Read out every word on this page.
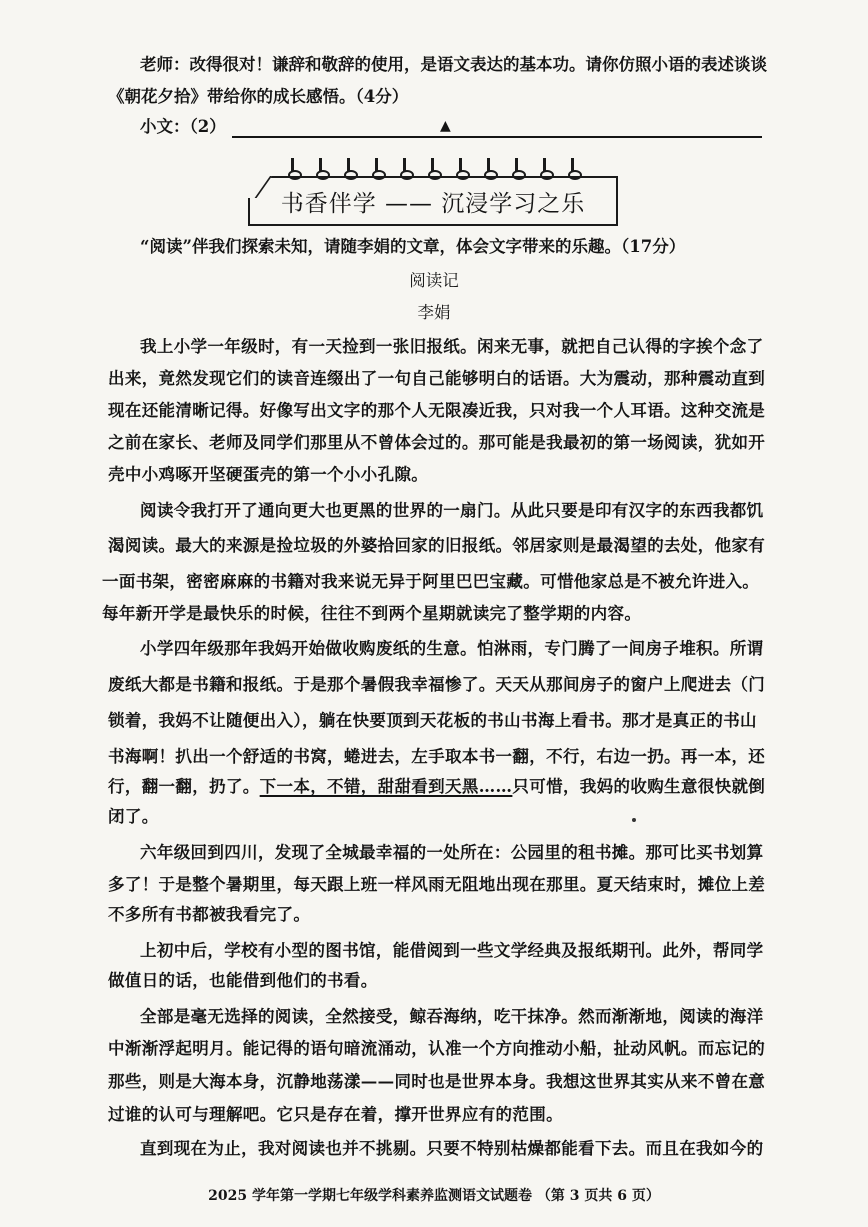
老师：改得很对！谦辞和敬辞的使用，是语文表达的基本功。请你仿照小语的表述谈谈
《朝花夕拾》带给你的成长感悟。（4分）
小文：（2）	▲
书香伴学 —— 沉浸学习之乐
“阅读”伴我们探索未知，请随李娟的文章，体会文字带来的乐趣。（17分）
阅读记
李娟
我上小学一年级时，有一天捡到一张旧报纸。闲来无事，就把自己认得的字挨个念了
出来，竟然发现它们的读音连缀出了一句自己能够明白的话语。大为震动，那种震动直到
现在还能清晰记得。好像写出文字的那个人无限凑近我，只对我一个人耳语。这种交流是
之前在家长、老师及同学们那里从不曾体会过的。那可能是我最初的第一场阅读，犹如开
壳中小鸡啄开坚硬蛋壳的第一个小小孔隙。
阅读令我打开了通向更大也更黑的世界的一扇门。从此只要是印有汉字的东西我都饥
渴阅读。最大的来源是捡垃圾的外婆拾回家的旧报纸。邻居家则是最渴望的去处，他家有
一面书架，密密麻麻的书籍对我来说无异于阿里巴巴宝藏。可惜他家总是不被允许进入。
每年新开学是最快乐的时候，往往不到两个星期就读完了整学期的内容。
小学四年级那年我妈开始做收购废纸的生意。怕淋雨，专门腾了一间房子堆积。所谓
废纸大都是书籍和报纸。于是那个暑假我幸福惨了。天天从那间房子的窗户上爬进去（门
锁着，我妈不让随便出入），躺在快要顶到天花板的书山书海上看书。那才是真正的书山
书海啊！扒出一个舒适的书窝，蜷进去，左手取本书一翻，不行，右边一扔。再一本，还
行，翻一翻，扔了。下一本，不错，甜甜看到天黑……只可惜，我妈的收购生意很快就倒
闭了。
六年级回到四川，发现了全城最幸福的一处所在：公园里的租书摊。那可比买书划算
多了！于是整个暑期里，每天跟上班一样风雨无阻地出现在那里。夏天结束时，摊位上差
不多所有书都被我看完了。
上初中后，学校有小型的图书馆，能借阅到一些文学经典及报纸期刊。此外，帮同学
做值日的话，也能借到他们的书看。
全部是毫无选择的阅读，全然接受，鲸吞海纳，吃干抹净。然而渐渐地，阅读的海洋
中渐渐浮起明月。能记得的语句暗流涌动，认准一个方向推动小船，扯动风帆。而忘记的
那些，则是大海本身，沉静地荡漾——同时也是世界本身。我想这世界其实从来不曾在意
过谁的认可与理解吧。它只是存在着，撑开世界应有的范围。
直到现在为止，我对阅读也并不挑剔。只要不特别枯燥都能看下去。而且在我如今的
2025 学年第一学期七年级学科素养监测语文试题卷 （第 3 页共 6 页）
